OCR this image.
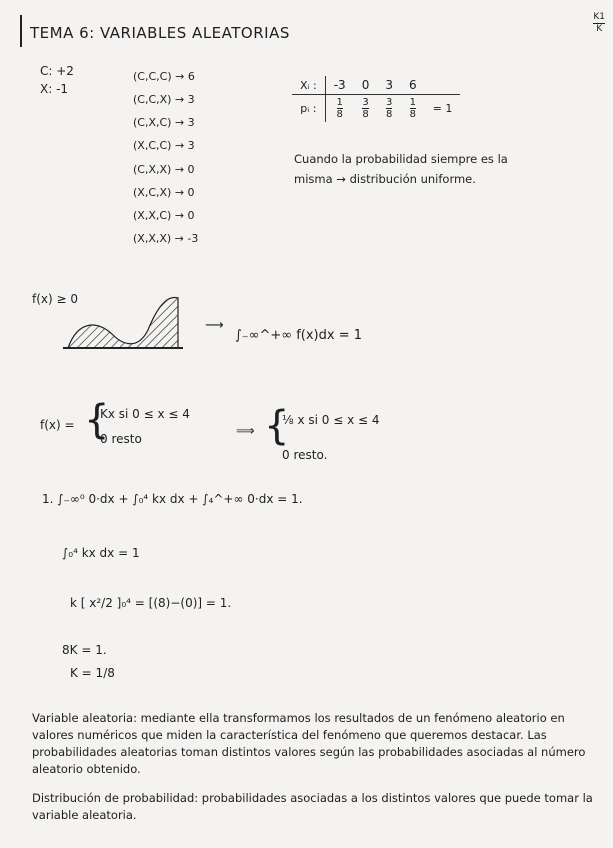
TEMA 6: VARIABLES ALEATORIAS
K1
K
C: +2
X: -1
(C,C,C) → 6
(C,C,X) → 3
(C,X,C) → 3
(X,C,C) → 3
(C,X,X) → 0
(X,C,X) → 0
(X,X,C) → 0
(X,X,X) → -3
Xᵢ :	-3	0	3	6	
pᵢ :	$\frac{1}{8}$	$\frac{3}{8}$	$\frac{3}{8}$	$\frac{1}{8}$	= 1
Cuando la probabilidad siempre es la
misma → distribución uniforme.
f(x) ≥ 0
⟶
∫₋∞^+∞ f(x)dx = 1
f(x) = {
Kx si 0 ≤ x ≤ 4
0 resto	⟹ {
⅛ x si 0 ≤ x ≤ 4
0 resto.
1. ∫₋∞⁰ 0·dx + ∫₀⁴ kx dx + ∫₄^+∞ 0·dx = 1.
∫₀⁴ kx dx = 1
k [ x²/2 ]₀⁴ = [(8)−(0)] = 1.
8K = 1.
K = 1/8
Variable aleatoria: mediante ella transformamos los resultados de un fenómeno aleatorio en valores numéricos que miden la característica del fenómeno que queremos destacar. Las probabilidades aleatorias toman distintos valores según las probabilidades asociadas al número aleatorio obtenido.
Distribución de probabilidad: probabilidades asociadas a los distintos valores que puede tomar la variable aleatoria.
